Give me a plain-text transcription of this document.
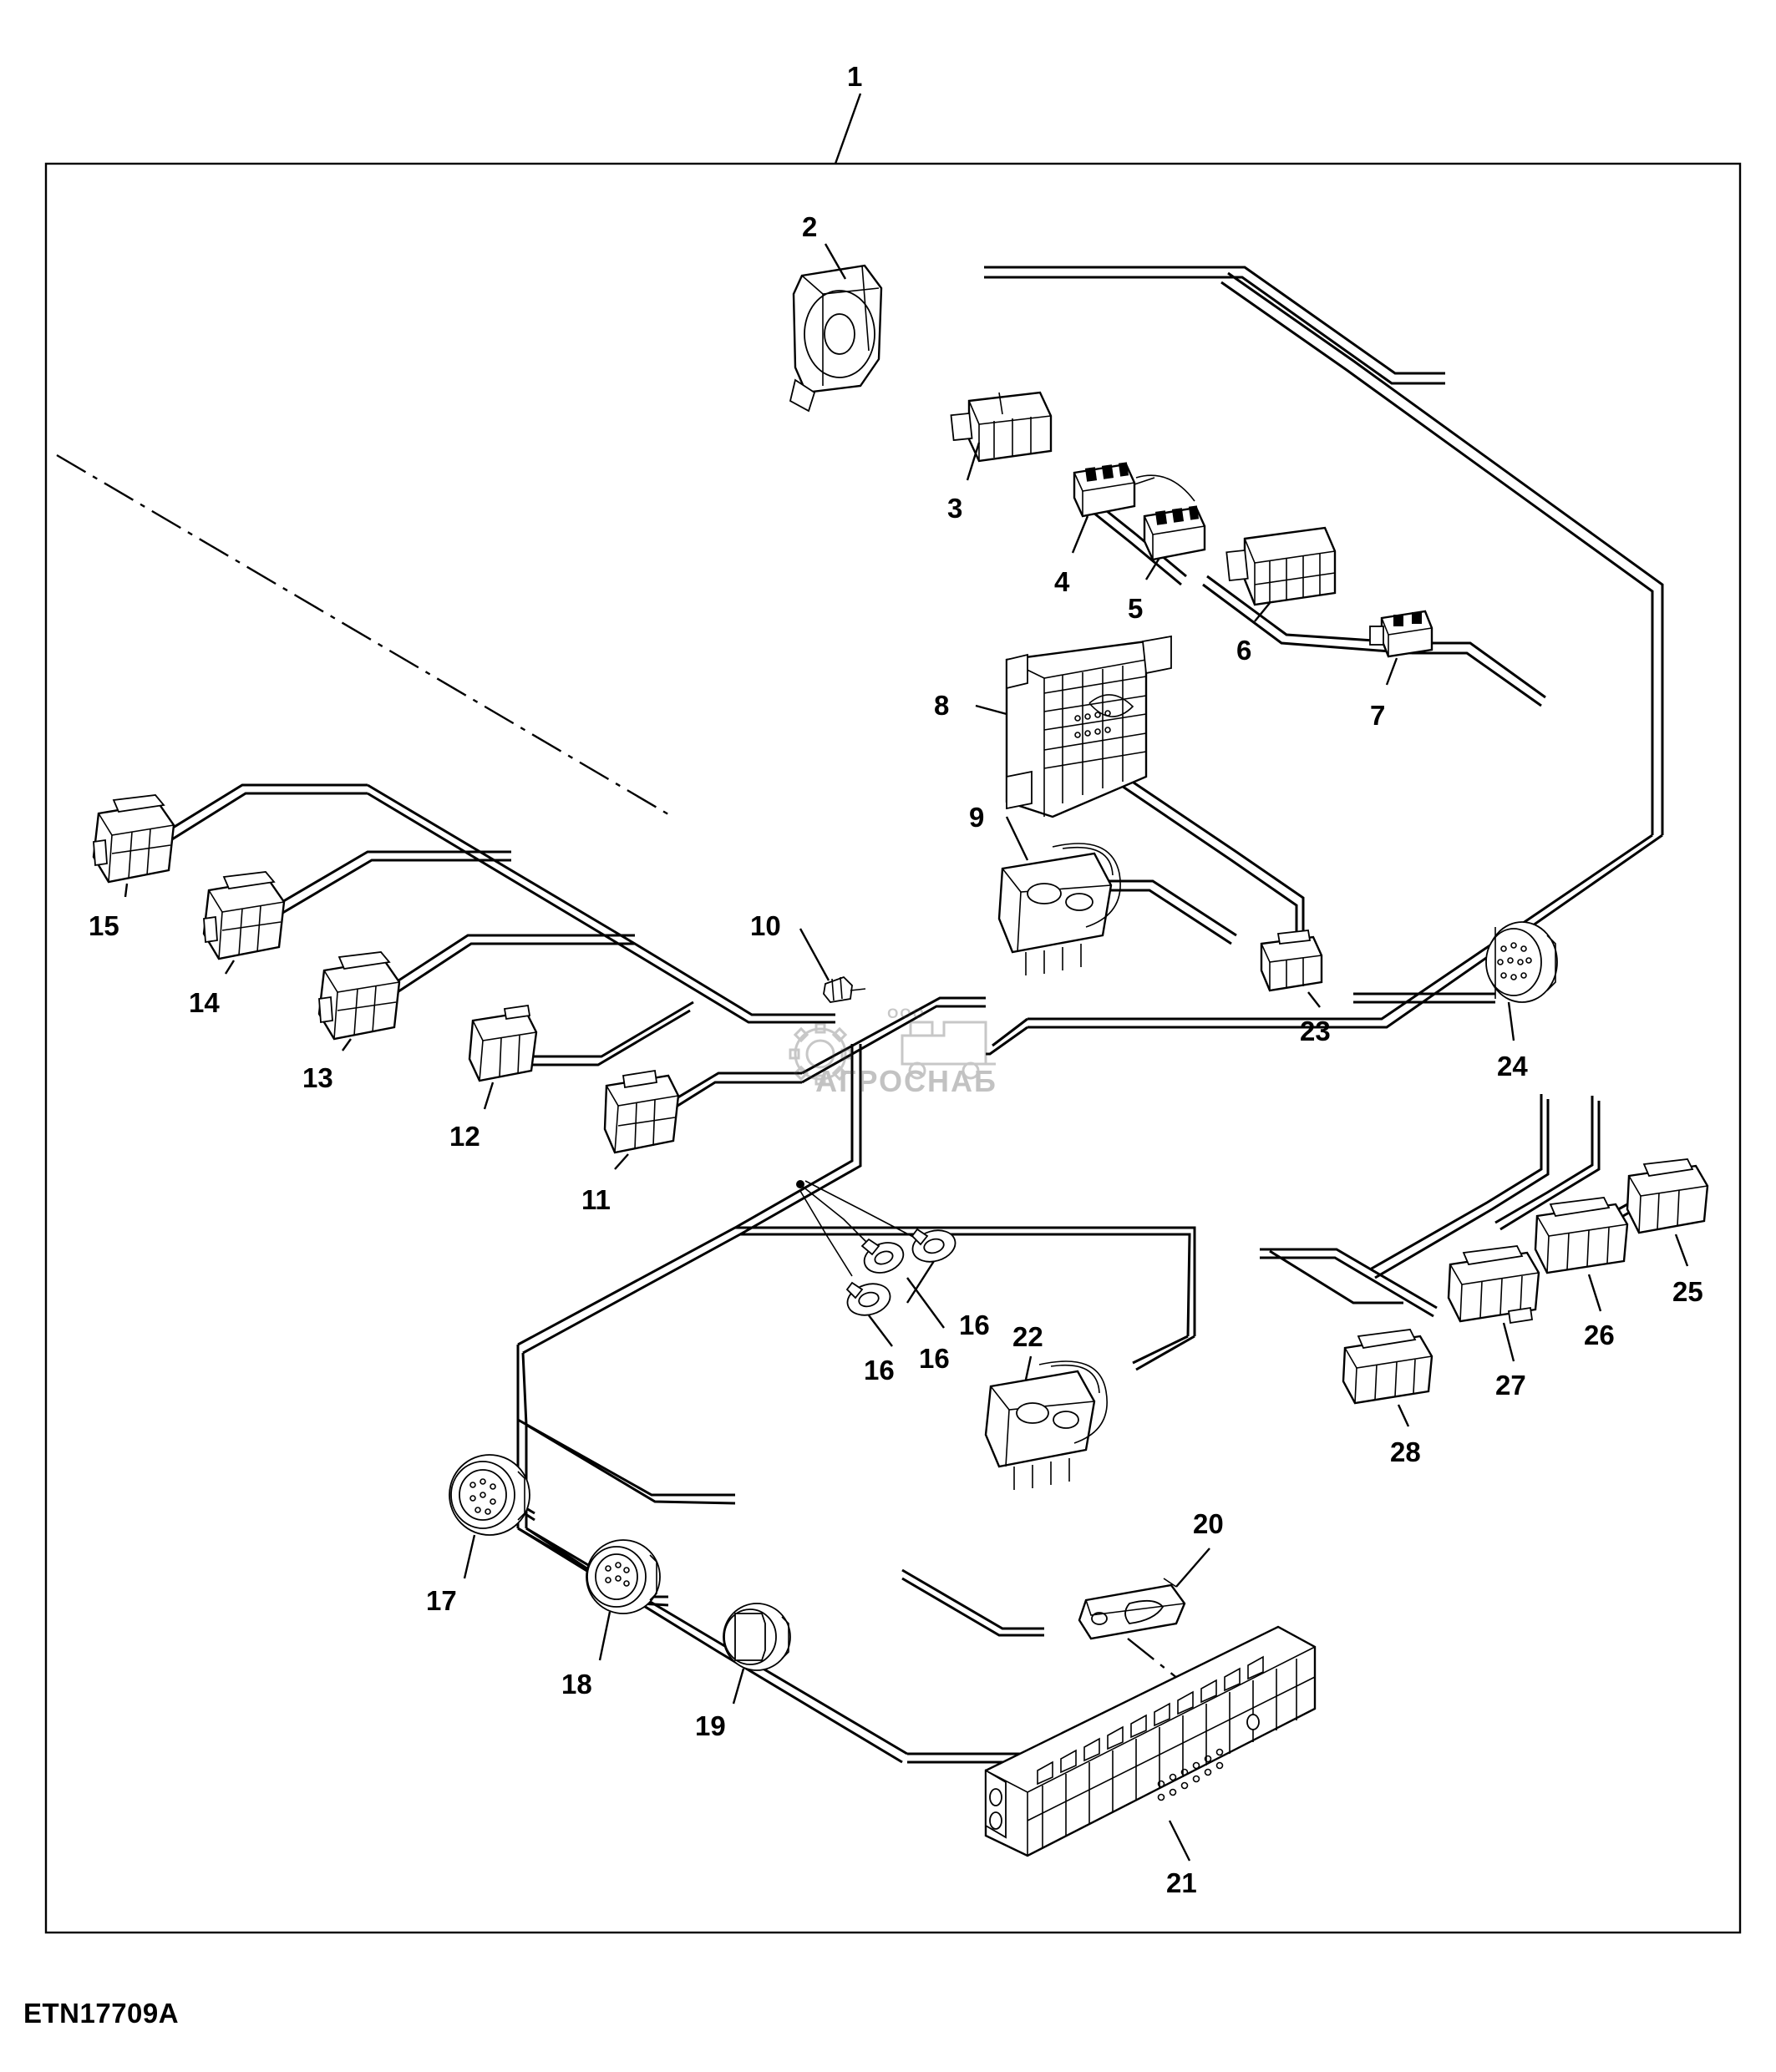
ООО
АГРОСНАБ
1
2
3
4
5
6
7
8
9
10
11
12
13
14
15
16
16
16
17
18
19
20
21
22
23
24
25
26
27
28
ETN17709A
